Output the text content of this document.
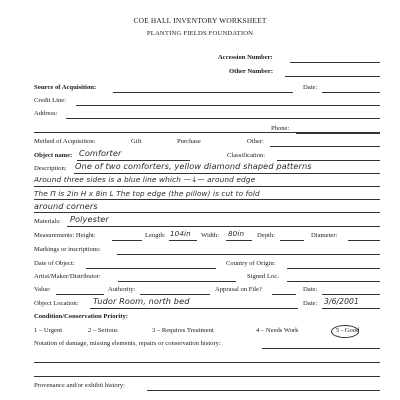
COE HALL INVENTORY WORKSHEET
PLANTING FIELDS FOUNDATION
Accession Number:
Other Number:
Source of Acquisition:	Date:
Credit Line:
Address:
Phone:
Method of Acquisition:	Gift	Purchase	Other:
Object name: Comforter	Classification:
Description: One of two comforters, yellow diamond shaped patterns
Around three sides is a blue line which —↓— around edge
The Π is 2in H x 8in L The top edge (the pillow) is cut to fold
around corners
Materials: Polyester
Measurements: Height:	Length: 104in Width: 80in Depth:	Diameter:
Markings or inscriptions:
Date of Object:	Country of Origin:
Artist/Maker/Distributor:	Signed Loc.
Value:	Authority:	Apprasal on File?	Date:
Object Location: Tudor Room, north bed	Date: 3/6/2001
Condition/Conservation Priority:
1 – Urgent	2 – Serious	3 – Requires Treatment	4 – Needs Work	5 - Good
Notation of damage, missing elements, repairs or conservation history:
Provenance and/or exhibit history:
